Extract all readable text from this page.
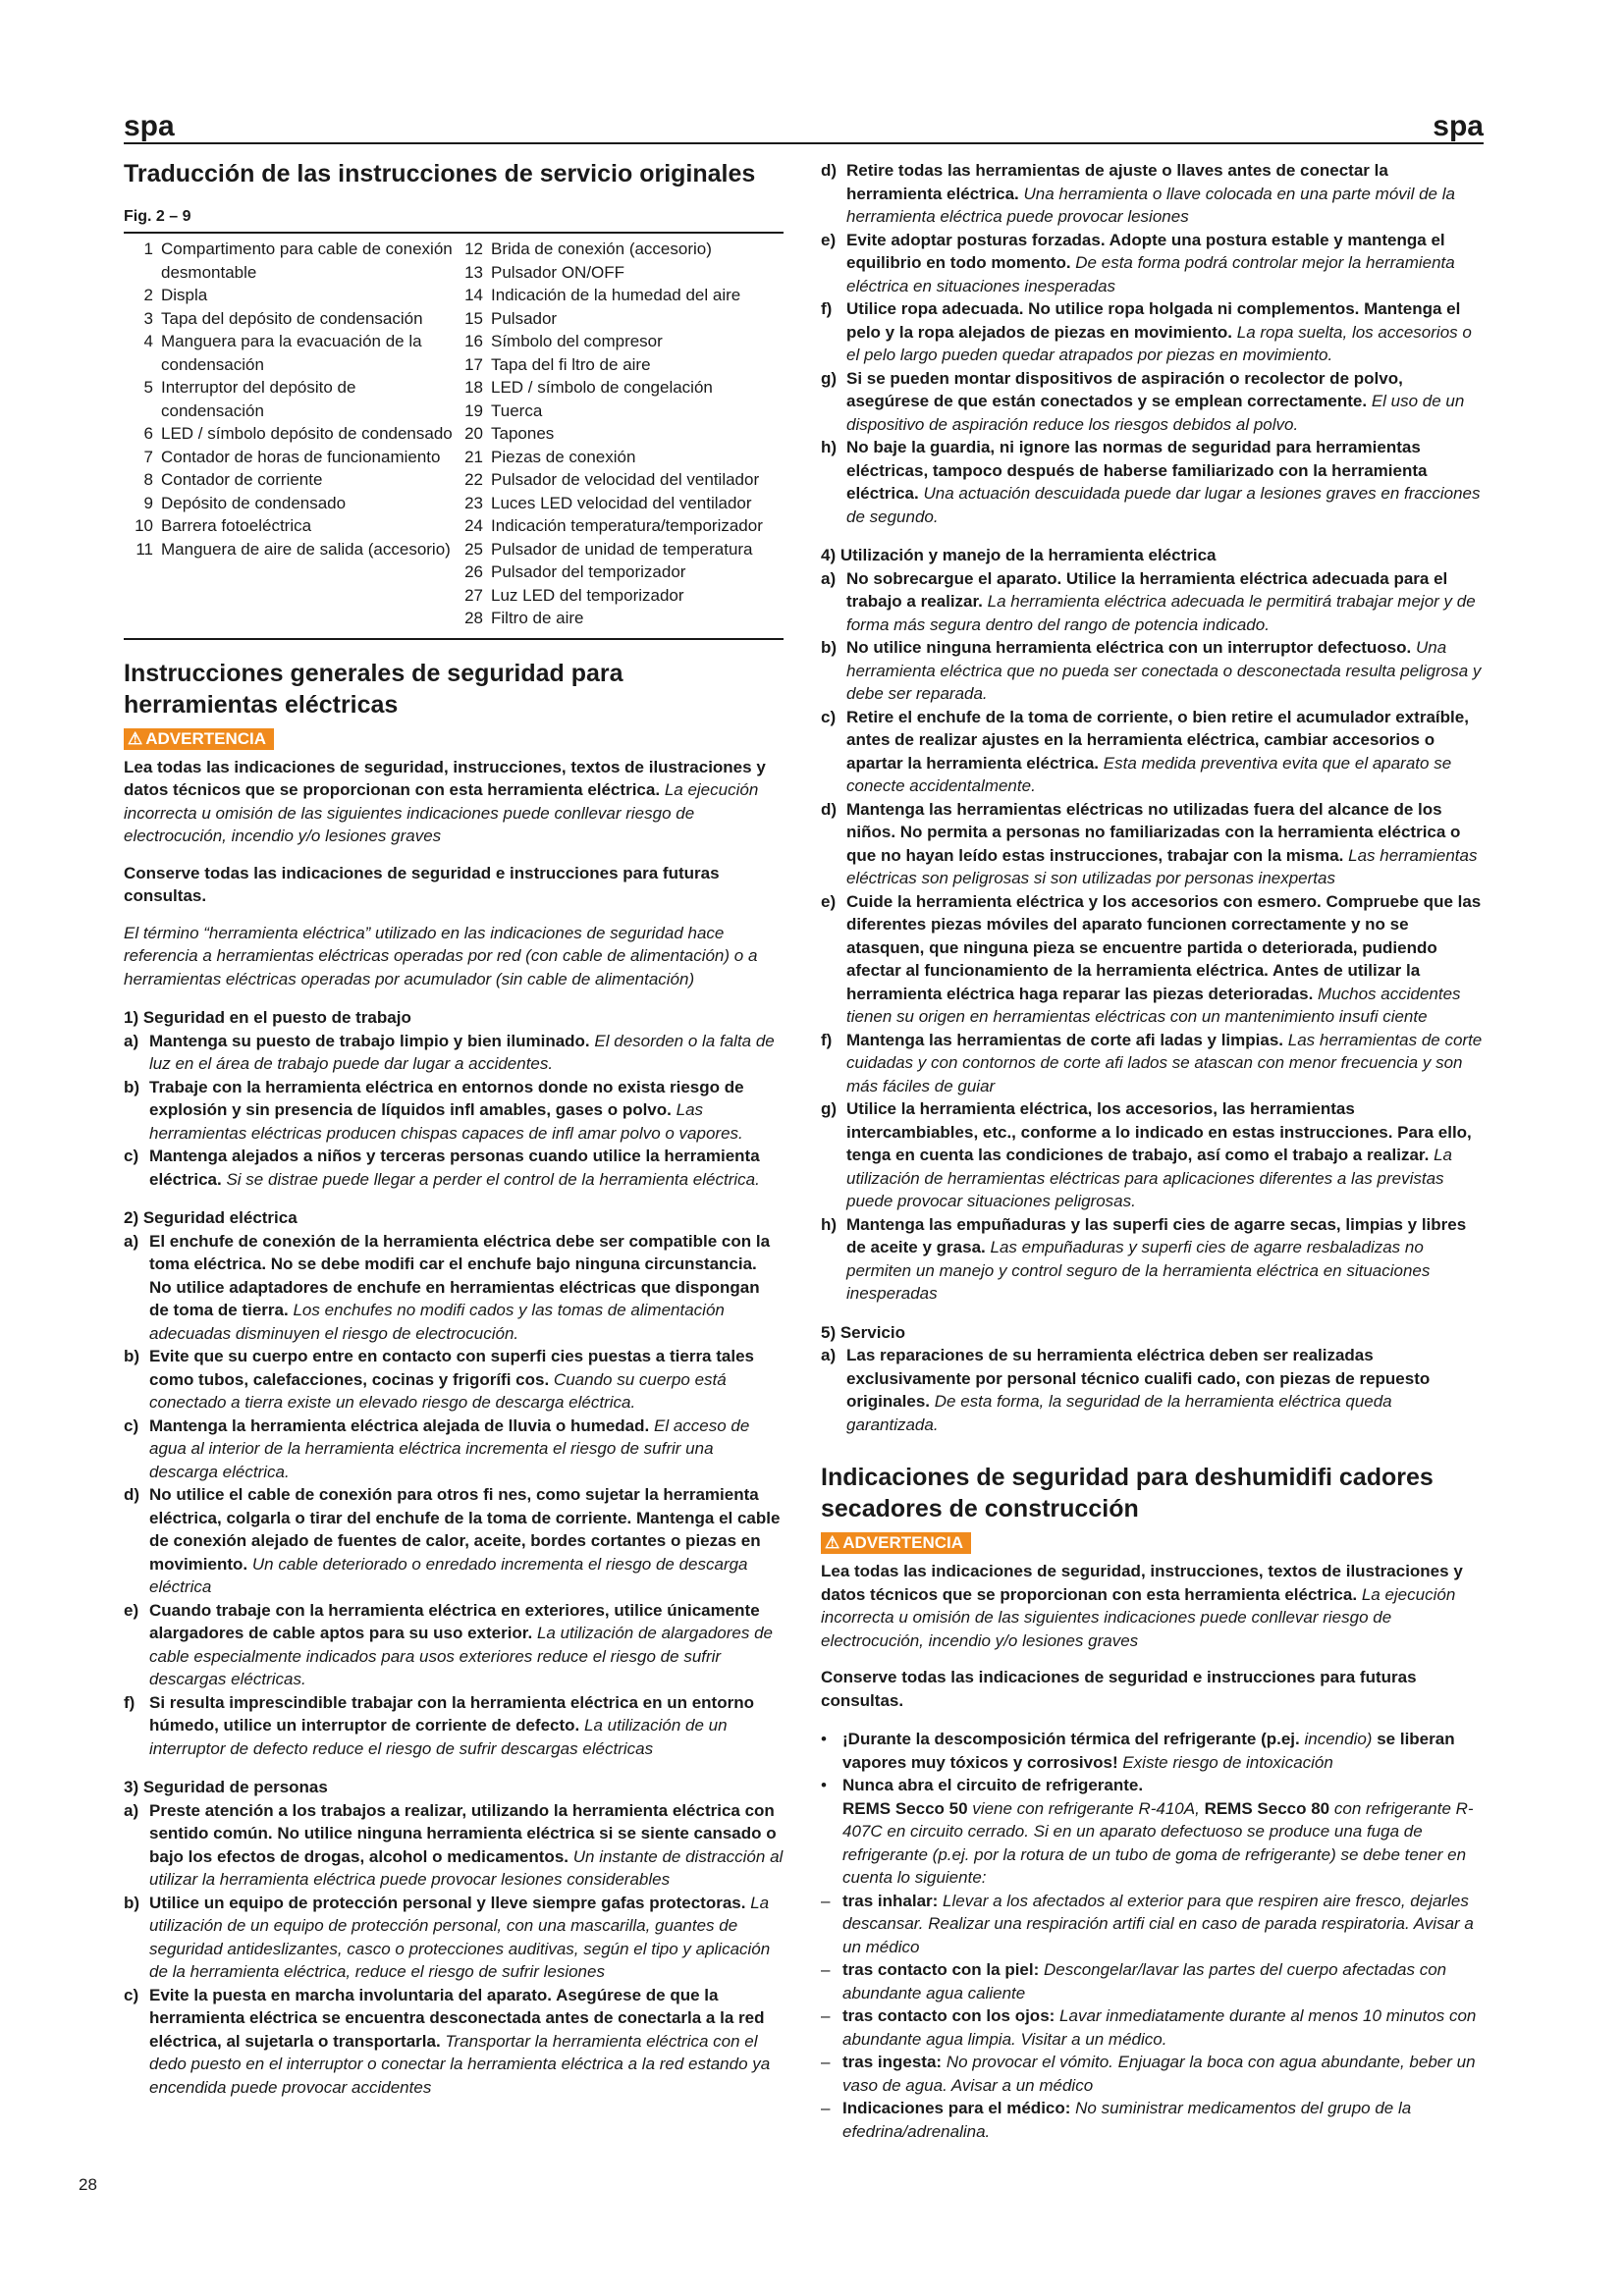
spa	spa
Traducción de las instrucciones de servicio originales
Fig. 2 – 9
1 Compartimento para cable de conexión desmontable
2 Displa
3 Tapa del depósito de condensación
4 Manguera para la evacuación de la condensación
5 Interruptor del depósito de condensación
6 LED / símbolo depósito de condensado
7 Contador de horas de funcionamiento
8 Contador de corriente
9 Depósito de condensado
10 Barrera fotoeléctrica
11 Manguera de aire de salida (accesorio)
12 Brida de conexión (accesorio)
13 Pulsador ON/OFF
14 Indicación de la humedad del aire
15 Pulsador
16 Símbolo del compresor
17 Tapa del fi ltro de aire
18 LED / símbolo de congelación
19 Tuerca
20 Tapones
21 Piezas de conexión
22 Pulsador de velocidad del ventilador
23 Luces LED velocidad del ventilador
24 Indicación temperatura/temporizador
25 Pulsador de unidad de temperatura
26 Pulsador del temporizador
27 Luz LED del temporizador
28 Filtro de aire
Instrucciones generales de seguridad para herramientas eléctricas
⚠ ADVERTENCIA

Lea todas las indicaciones de seguridad, instrucciones, textos de ilustraciones y datos técnicos que se proporcionan con esta herramienta eléctrica. La ejecución incorrecta u omisión de las siguientes indicaciones puede conllevar riesgo de electrocución, incendio y/o lesiones graves

Conserve todas las indicaciones de seguridad e instrucciones para futuras consultas.

El término “herramienta eléctrica” utilizado en las indicaciones de seguridad hace referencia a herramientas eléctricas operadas por red (con cable de alimentación) o a herramientas eléctricas operadas por acumulador (sin cable de alimentación)

1) Seguridad en el puesto de trabajo

a) Mantenga su puesto de trabajo limpio y bien iluminado. El desorden o la falta de luz en el área de trabajo puede dar lugar a accidentes.
b) Trabaje con la herramienta eléctrica en entornos donde no exista riesgo de explosión y sin presencia de líquidos infl amables, gases o polvo. Las herramientas eléctricas producen chispas capaces de infl amar polvo o vapores.
c) Mantenga alejados a niños y terceras personas cuando utilice la herramienta eléctrica. Si se distrae puede llegar a perder el control de la herramienta eléctrica.

2) Seguridad eléctrica

a) El enchufe de conexión de la herramienta eléctrica debe ser compatible con la toma eléctrica. No se debe modifi car el enchufe bajo ninguna circunstancia. No utilice adaptadores de enchufe en herramientas eléctricas que dispongan de toma de tierra. Los enchufes no modifi cados y las tomas de alimentación adecuadas disminuyen el riesgo de electrocución.
b) Evite que su cuerpo entre en contacto con superfi cies puestas a tierra tales como tubos, calefacciones, cocinas y frigorífi cos. Cuando su cuerpo está conectado a tierra existe un elevado riesgo de descarga eléctrica.
c) Mantenga la herramienta eléctrica alejada de lluvia o humedad. El acceso de agua al interior de la herramienta eléctrica incrementa el riesgo de sufrir una descarga eléctrica.
d) No utilice el cable de conexión para otros fi nes, como sujetar la herramienta eléctrica, colgarla o tirar del enchufe de la toma de corriente. Mantenga el cable de conexión alejado de fuentes de calor, aceite, bordes cortantes o piezas en movimiento. Un cable deteriorado o enredado incrementa el riesgo de descarga eléctrica
e) Cuando trabaje con la herramienta eléctrica en exteriores, utilice únicamente alargadores de cable aptos para su uso exterior. La utilización de alargadores de cable especialmente indicados para usos exteriores reduce el riesgo de sufrir descargas eléctricas.
f) Si resulta imprescindible trabajar con la herramienta eléctrica en un entorno húmedo, utilice un interruptor de corriente de defecto. La utilización de un interruptor de defecto reduce el riesgo de sufrir descargas eléctricas

3) Seguridad de personas

a) Preste atención a los trabajos a realizar, utilizando la herramienta eléctrica con sentido común. No utilice ninguna herramienta eléctrica si se siente cansado o bajo los efectos de drogas, alcohol o medicamentos. Un instante de distracción al utilizar la herramienta eléctrica puede provocar lesiones considerables
b) Utilice un equipo de protección personal y lleve siempre gafas protectoras. La utilización de un equipo de protección personal, con una mascarilla, guantes de seguridad antideslizantes, casco o protecciones auditivas, según el tipo y aplicación de la herramienta eléctrica, reduce el riesgo de sufrir lesiones
c) Evite la puesta en marcha involuntaria del aparato. Asegúrese de que la herramienta eléctrica se encuentra desconectada antes de conectarla a la red eléctrica, al sujetarla o transportarla. Transportar la herramienta eléctrica con el dedo puesto en el interruptor o conectar la herramienta eléctrica a la red estando ya encendida puede provocar accidentes
d) Retire todas las herramientas de ajuste o llaves antes de conectar la herramienta eléctrica. Una herramienta o llave colocada en una parte móvil de la herramienta eléctrica puede provocar lesiones
e) Evite adoptar posturas forzadas. Adopte una postura estable y mantenga el equilibrio en todo momento. De esta forma podrá controlar mejor la herramienta eléctrica en situaciones inesperadas
f) Utilice ropa adecuada. No utilice ropa holgada ni complementos. Mantenga el pelo y la ropa alejados de piezas en movimiento. La ropa suelta, los accesorios o el pelo largo pueden quedar atrapados por piezas en movimiento.
g) Si se pueden montar dispositivos de aspiración o recolector de polvo, asegúrese de que están conectados y se emplean correctamente. El uso de un dispositivo de aspiración reduce los riesgos debidos al polvo.
h) No baje la guardia, ni ignore las normas de seguridad para herramientas eléctricas, tampoco después de haberse familiarizado con la herramienta eléctrica. Una actuación descuidada puede dar lugar a lesiones graves en fracciones de segundo.

4) Utilización y manejo de la herramienta eléctrica

a) No sobrecargue el aparato. Utilice la herramienta eléctrica adecuada para el trabajo a realizar. La herramienta eléctrica adecuada le permitirá trabajar mejor y de forma más segura dentro del rango de potencia indicado.
b) No utilice ninguna herramienta eléctrica con un interruptor defectuoso. Una herramienta eléctrica que no pueda ser conectada o desconectada resulta peligrosa y debe ser reparada.
c) Retire el enchufe de la toma de corriente, o bien retire el acumulador extraíble, antes de realizar ajustes en la herramienta eléctrica, cambiar accesorios o apartar la herramienta eléctrica. Esta medida preventiva evita que el aparato se conecte accidentalmente.
d) Mantenga las herramientas eléctricas no utilizadas fuera del alcance de los niños. No permita a personas no familiarizadas con la herramienta eléctrica o que no hayan leído estas instrucciones, trabajar con la misma. Las herramientas eléctricas son peligrosas si son utilizadas por personas inexpertas
e) Cuide la herramienta eléctrica y los accesorios con esmero. Compruebe que las diferentes piezas móviles del aparato funcionen correctamente y no se atasquen, que ninguna pieza se encuentre partida o deteriorada, pudiendo afectar al funcionamiento de la herramienta eléctrica. Antes de utilizar la herramienta eléctrica haga reparar las piezas deterioradas. Muchos accidentes tienen su origen en herramientas eléctricas con un mantenimiento insufi ciente
f) Mantenga las herramientas de corte afi ladas y limpias. Las herramientas de corte cuidadas y con contornos de corte afi lados se atascan con menor frecuencia y son más fáciles de guiar
g) Utilice la herramienta eléctrica, los accesorios, las herramientas intercambiables, etc., conforme a lo indicado en estas instrucciones. Para ello, tenga en cuenta las condiciones de trabajo, así como el trabajo a realizar. La utilización de herramientas eléctricas para aplicaciones diferentes a las previstas puede provocar situaciones peligrosas.
h) Mantenga las empuñaduras y las superfi cies de agarre secas, limpias y libres de aceite y grasa. Las empuñaduras y superfi cies de agarre resbaladizas no permiten un manejo y control seguro de la herramienta eléctrica en situaciones inesperadas

5) Servicio

a) Las reparaciones de su herramienta eléctrica deben ser realizadas exclusivamente por personal técnico cualifi cado, con piezas de repuesto originales. De esta forma, la seguridad de la herramienta eléctrica queda garantizada.
Indicaciones de seguridad para deshumidifi cadores secadores de construcción
⚠ ADVERTENCIA

Lea todas las indicaciones de seguridad, instrucciones, textos de ilustraciones y datos técnicos que se proporcionan con esta herramienta eléctrica. La ejecución incorrecta u omisión de las siguientes indicaciones puede conllevar riesgo de electrocución, incendio y/o lesiones graves

Conserve todas las indicaciones de seguridad e instrucciones para futuras consultas.

• ¡Durante la descomposición térmica del refrigerante (p.ej. incendio) se liberan vapores muy tóxicos y corrosivos! Existe riesgo de intoxicación
• Nunca abra el circuito de refrigerante.
REMS Secco 50 viene con refrigerante R-410A, REMS Secco 80 con refrigerante R-407C en circuito cerrado. Si en un aparato defectuoso se produce una fuga de refrigerante (p.ej. por la rotura de un tubo de goma de refrigerante) se debe tener en cuenta lo siguiente:
– tras inhalar: Llevar a los afectados al exterior para que respiren aire fresco, dejarles descansar. Realizar una respiración artifi cial en caso de parada respiratoria. Avisar a un médico
– tras contacto con la piel: Descongelar/lavar las partes del cuerpo afectadas con abundante agua caliente
– tras contacto con los ojos: Lavar inmediatamente durante al menos 10 minutos con abundante agua limpia. Visitar a un médico.
– tras ingesta: No provocar el vómito. Enjuagar la boca con agua abundante, beber un vaso de agua. Avisar a un médico
– Indicaciones para el médico: No suministrar medicamentos del grupo de la efedrina/adrenalina.
28
